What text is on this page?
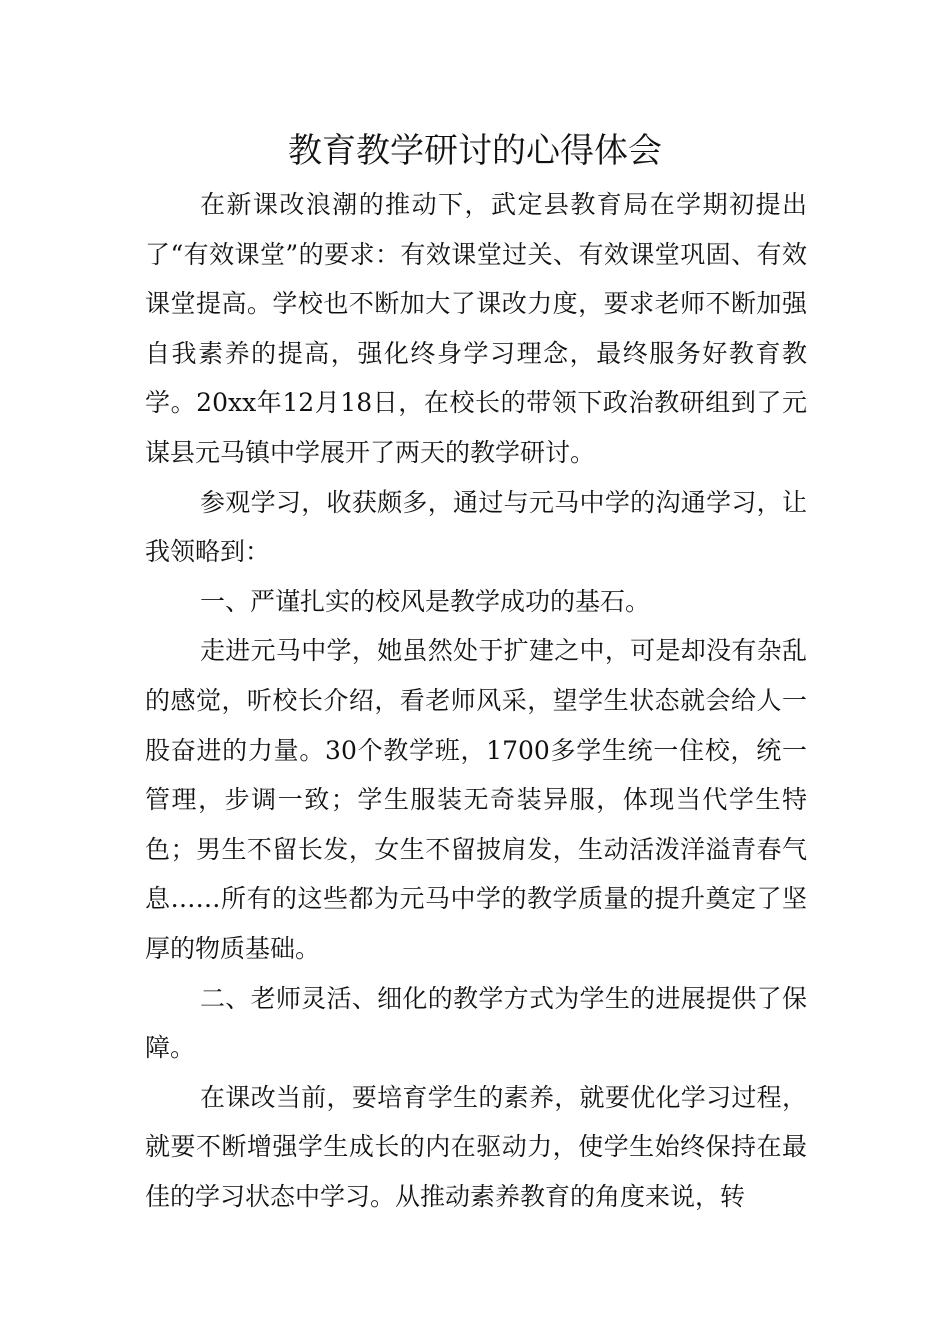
教育教学研讨的心得体会

在新课改浪潮的推动下，武定县教育局在学期初提出了“有效课堂”的要求：有效课堂过关、有效课堂巩固、有效课堂提高。学校也不断加大了课改力度，要求老师不断加强自我素养的提高，强化终身学习理念，最终服务好教育教学。20xx年12月18日，在校长的带领下政治教研组到了元谋县元马镇中学展开了两天的教学研讨。

参观学习，收获颇多，通过与元马中学的沟通学习，让我领略到：

一、严谨扎实的校风是教学成功的基石。

走进元马中学，她虽然处于扩建之中，可是却没有杂乱的感觉，听校长介绍，看老师风采，望学生状态就会给人一股奋进的力量。30个教学班，1700多学生统一住校，统一管理，步调一致；学生服装无奇装异服，体现当代学生特色；男生不留长发，女生不留披肩发，生动活泼洋溢青春气息……所有的这些都为元马中学的教学质量的提升奠定了坚厚的物质基础。

二、老师灵活、细化的教学方式为学生的进展提供了保障。

在课改当前，要培育学生的素养，就要优化学习过程，就要不断增强学生成长的内在驱动力，使学生始终保持在最佳的学习状态中学习。从推动素养教育的角度来说，转
